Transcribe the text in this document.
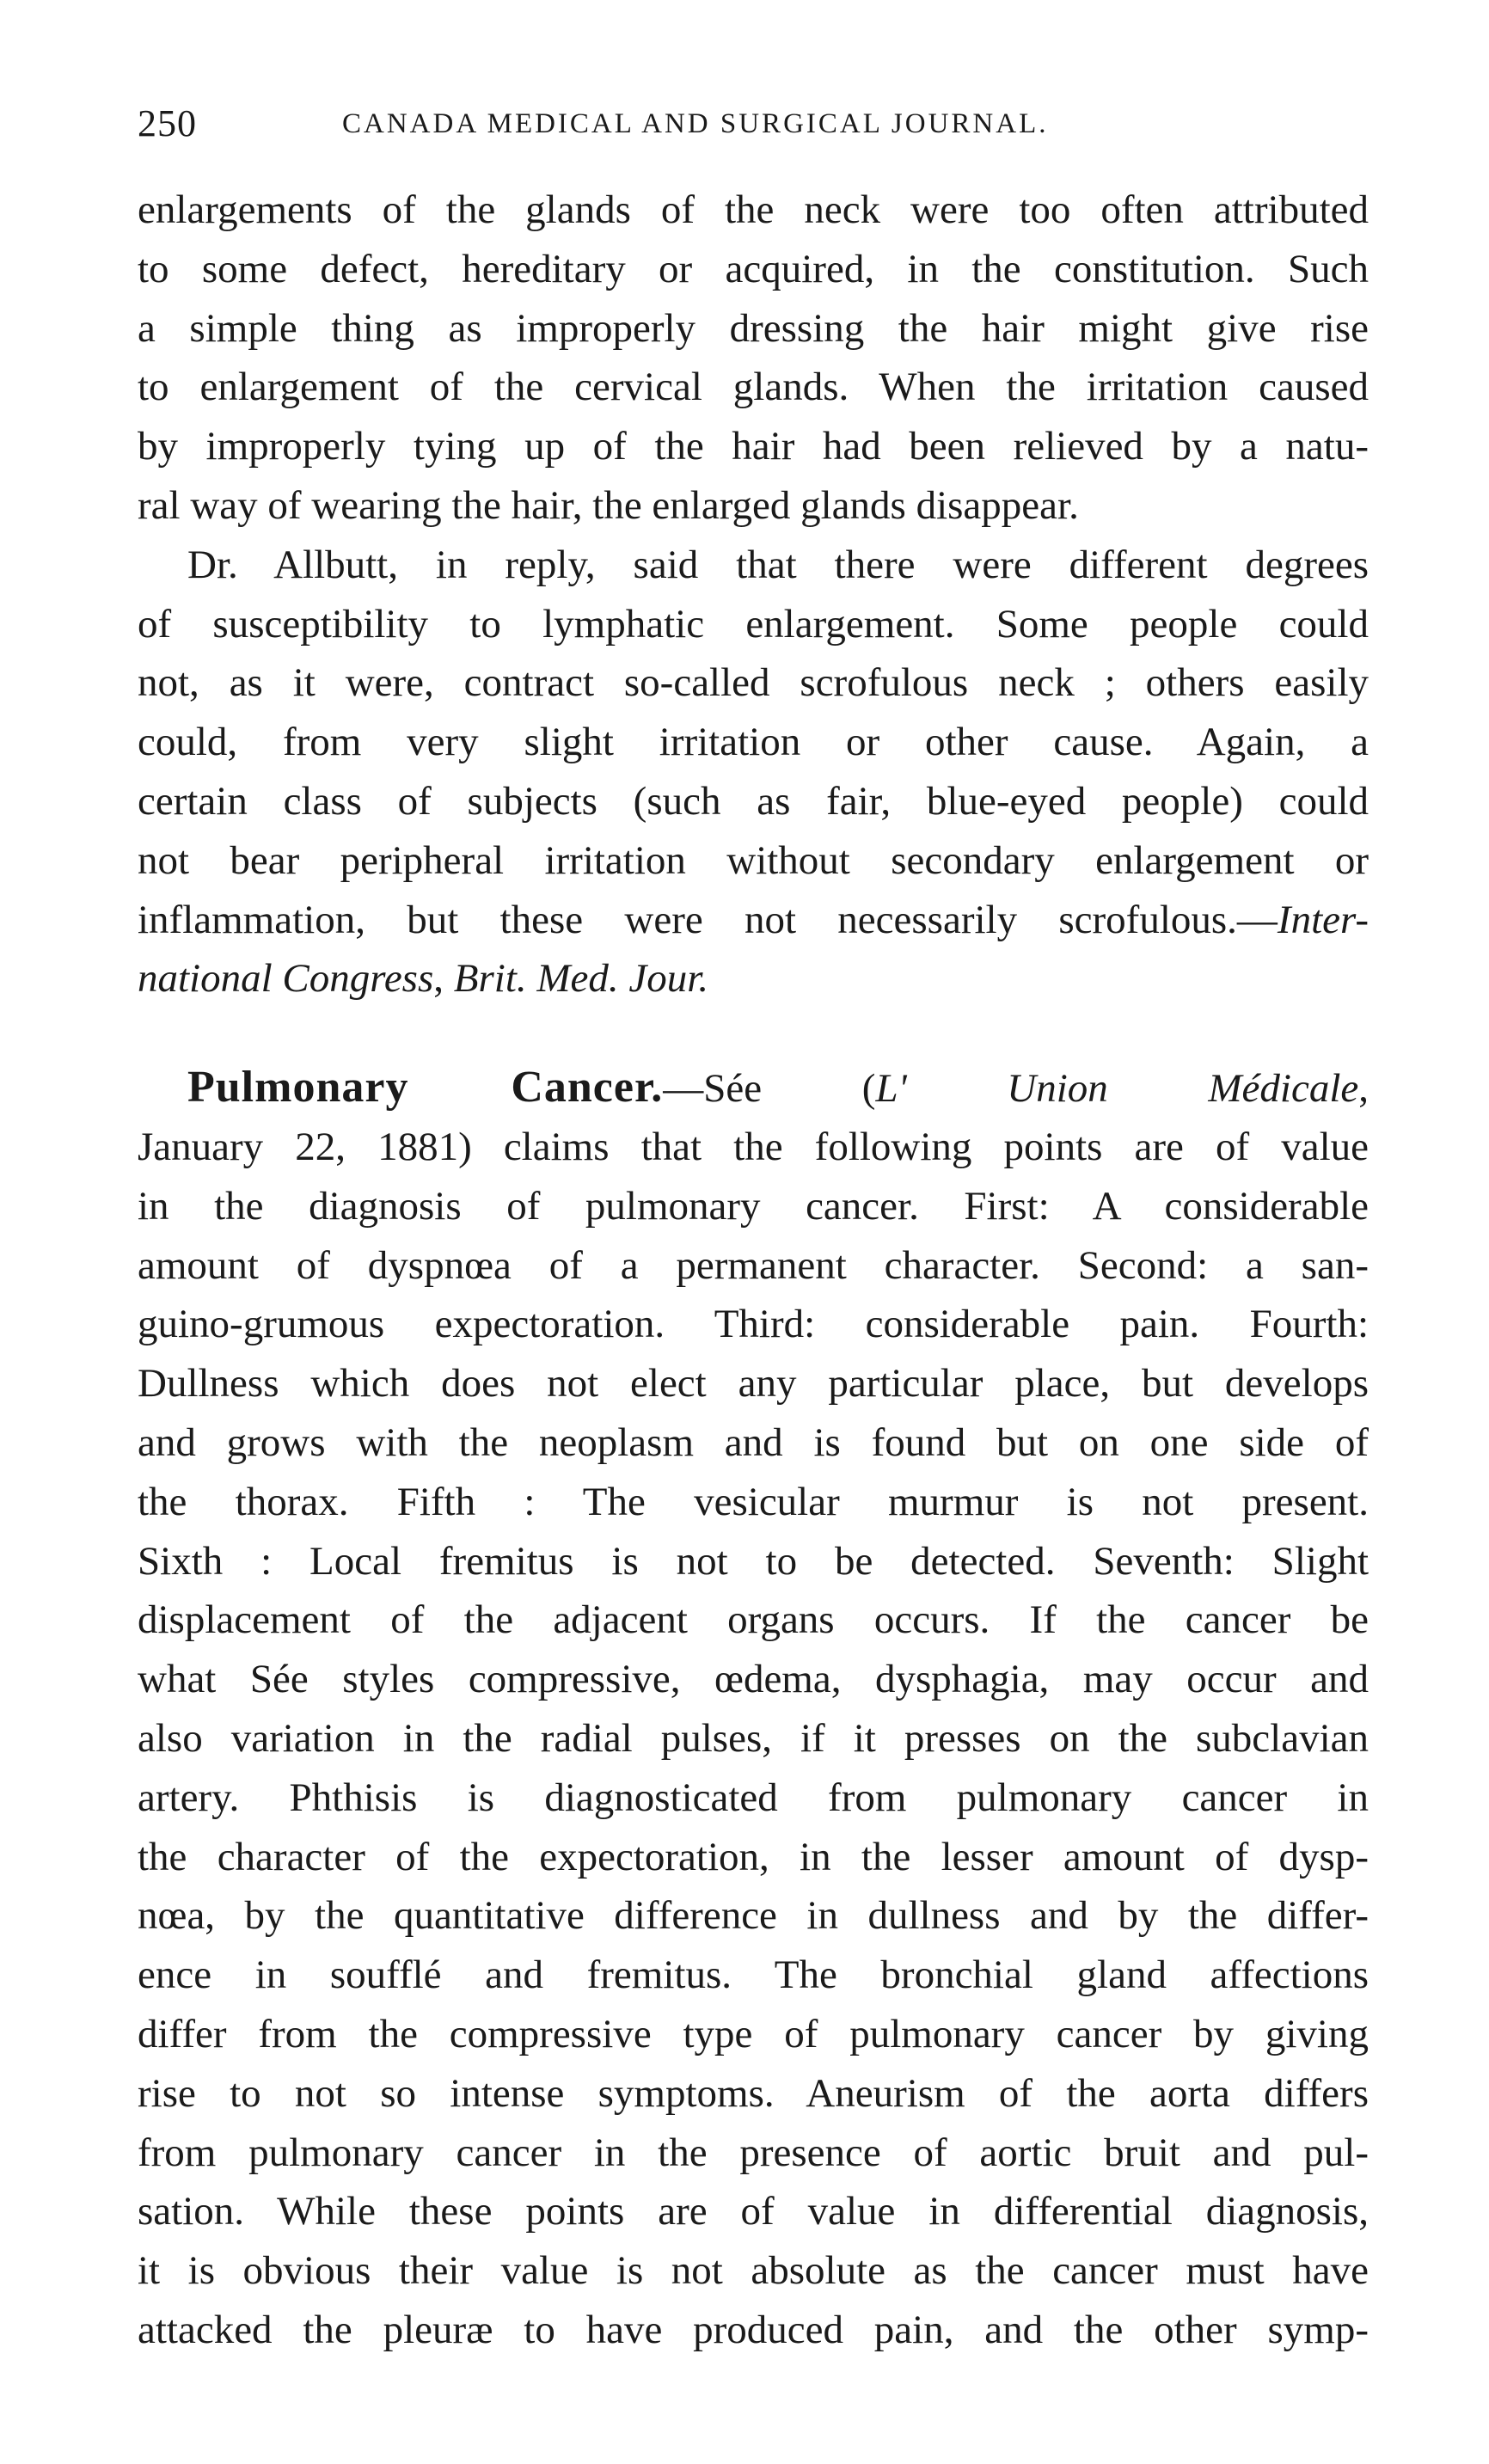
250	CANADA MEDICAL AND SURGICAL JOURNAL.
enlargements of the glands of the neck were too often attributed
to some defect, hereditary or acquired, in the constitution. Such
a simple thing as improperly dressing the hair might give rise
to enlargement of the cervical glands. When the irritation caused
by improperly tying up of the hair had been relieved by a natu-
ral way of wearing the hair, the enlarged glands disappear.
Dr. Allbutt, in reply, said that there were different degrees
of susceptibility to lymphatic enlargement. Some people could
not, as it were, contract so-called scrofulous neck ; others easily
could, from very slight irritation or other cause. Again, a
certain class of subjects (such as fair, blue-eyed people) could
not bear peripheral irritation without secondary enlargement or
inflammation, but these were not necessarily scrofulous.—Inter-
national Congress, Brit. Med. Jour.
Pulmonary Cancer.—Sée (L' Union Médicale,
January 22, 1881) claims that the following points are of value
in the diagnosis of pulmonary cancer. First: A considerable
amount of dyspnœa of a permanent character. Second: a san-
guino-grumous expectoration. Third: considerable pain. Fourth:
Dullness which does not elect any particular place, but develops
and grows with the neoplasm and is found but on one side of
the thorax. Fifth : The vesicular murmur is not present.
Sixth : Local fremitus is not to be detected. Seventh: Slight
displacement of the adjacent organs occurs. If the cancer be
what Sée styles compressive, œdema, dysphagia, may occur and
also variation in the radial pulses, if it presses on the subclavian
artery. Phthisis is diagnosticated from pulmonary cancer in
the character of the expectoration, in the lesser amount of dysp-
nœa, by the quantitative difference in dullness and by the differ-
ence in soufflé and fremitus. The bronchial gland affections
differ from the compressive type of pulmonary cancer by giving
rise to not so intense symptoms. Aneurism of the aorta differs
from pulmonary cancer in the presence of aortic bruit and pul-
sation. While these points are of value in differential diagnosis,
it is obvious their value is not absolute as the cancer must have
attacked the pleuræ to have produced pain, and the other symp-
